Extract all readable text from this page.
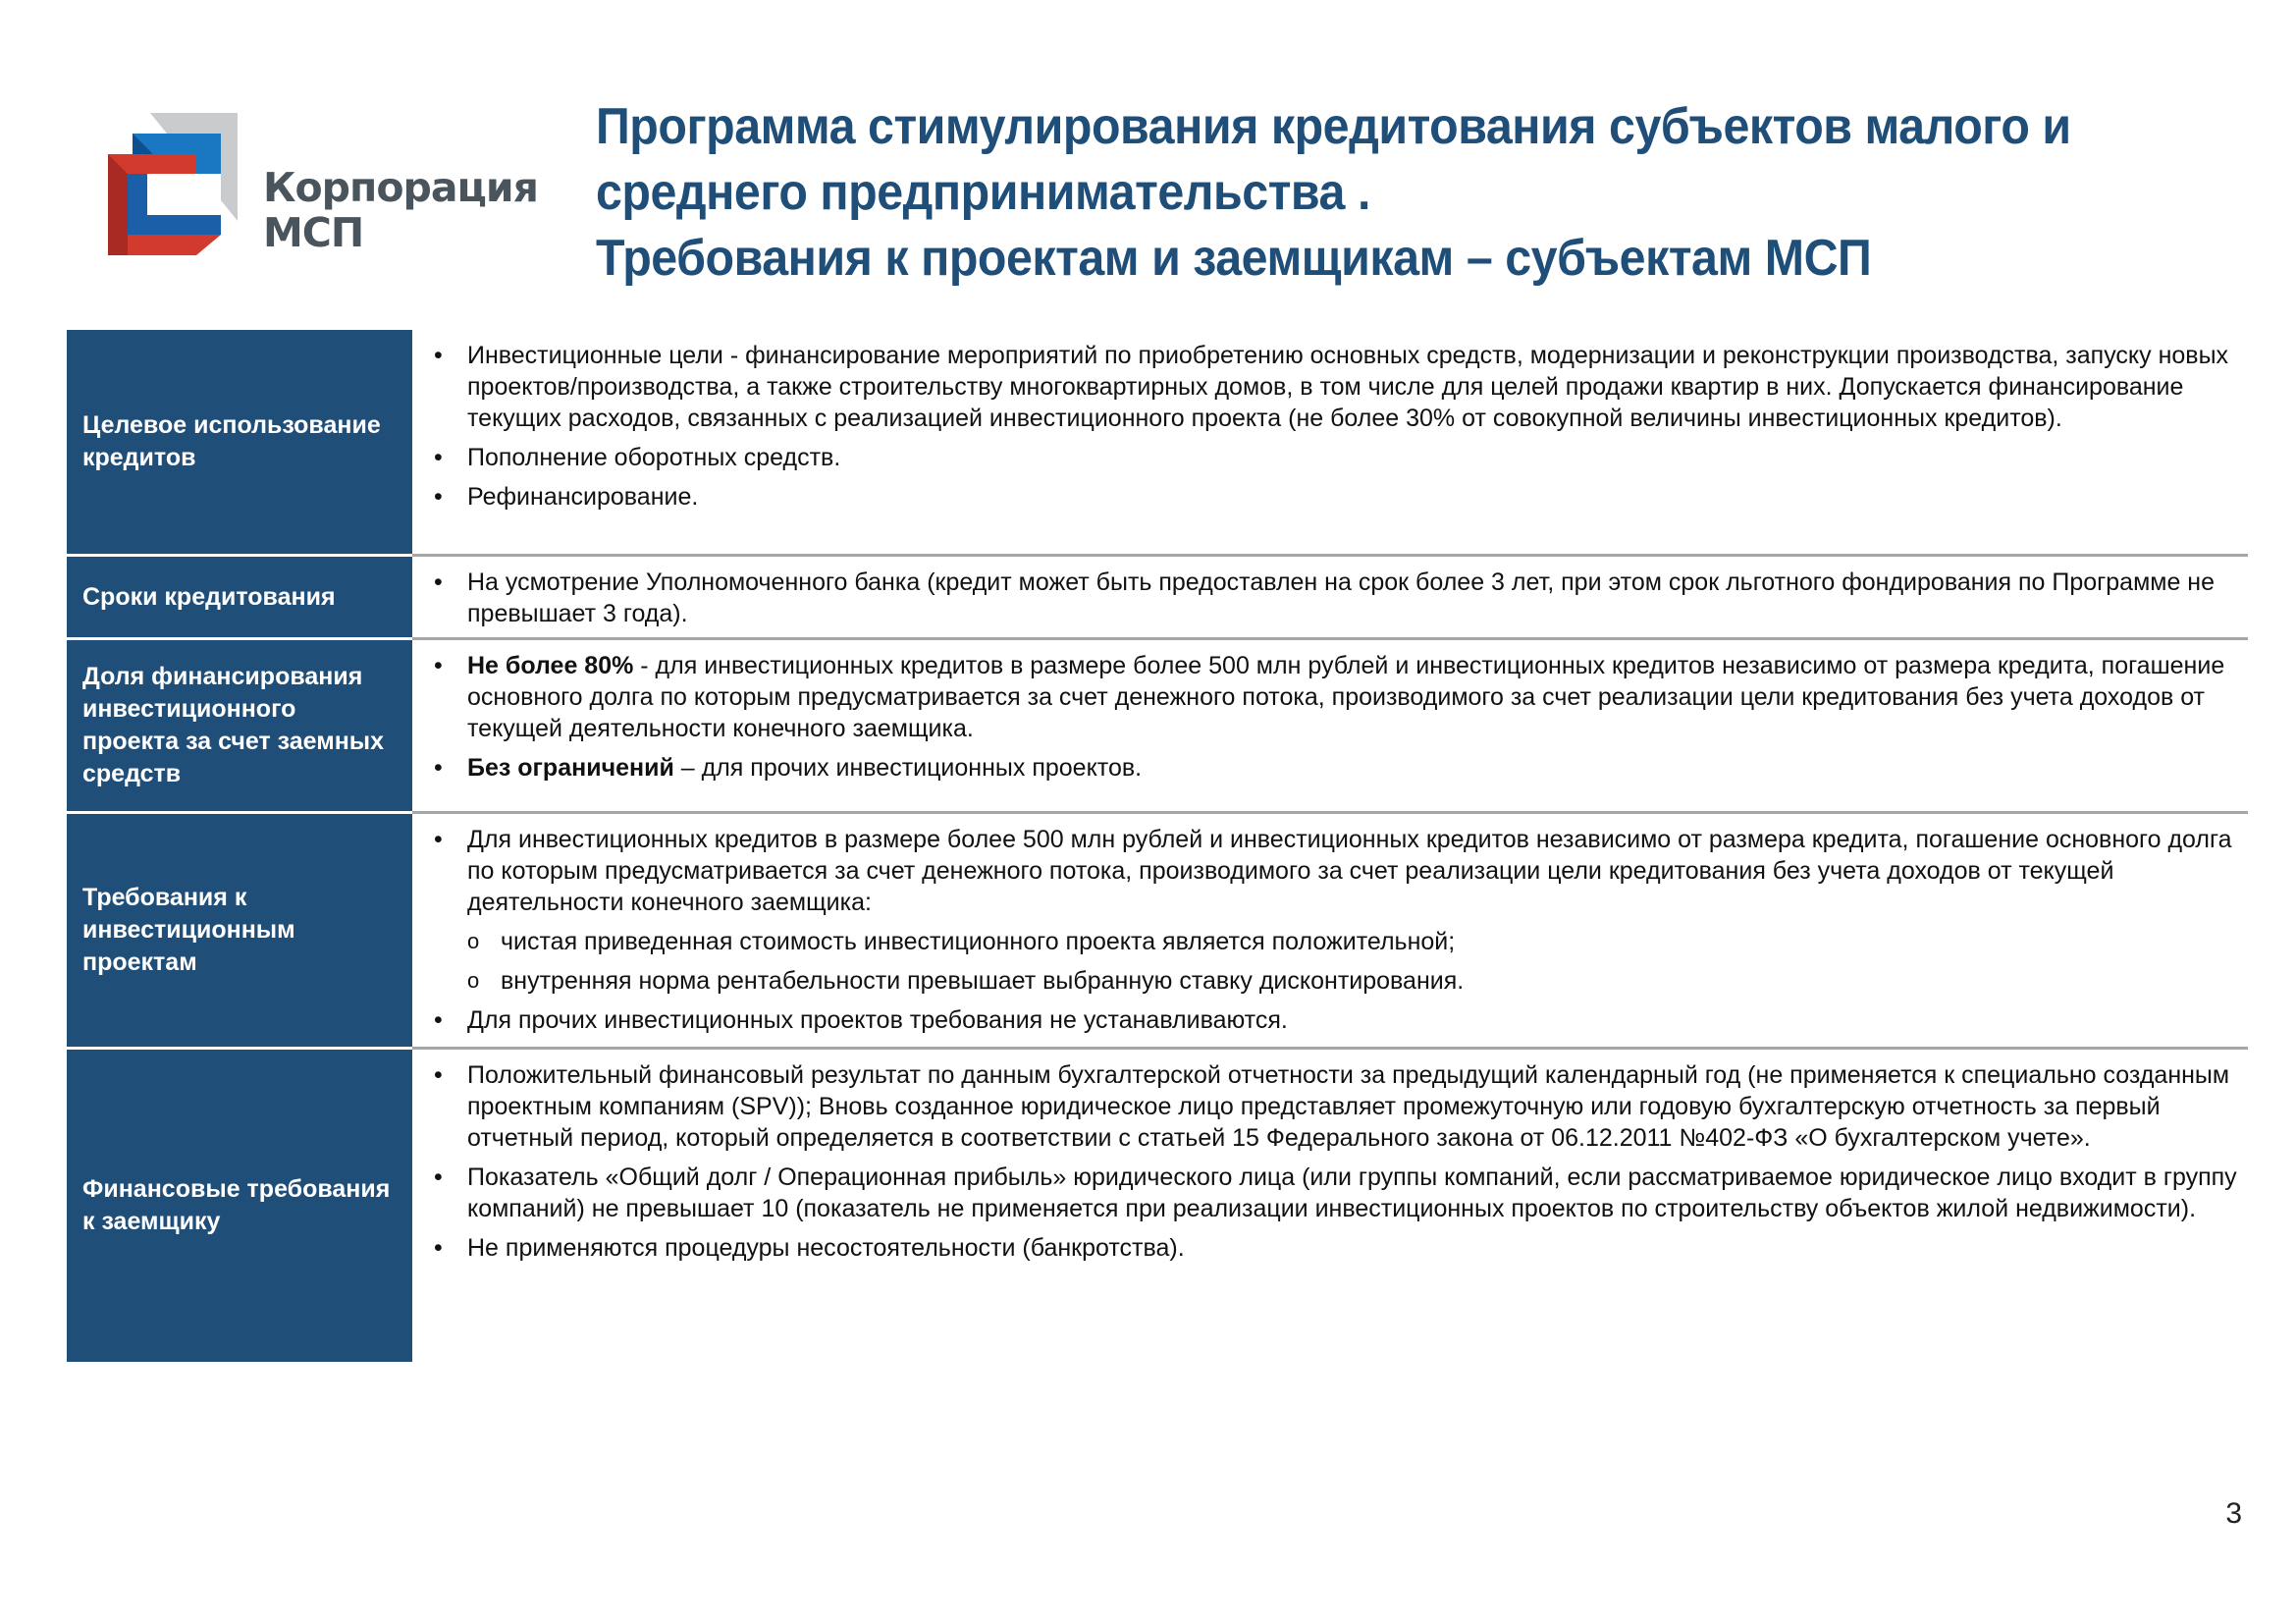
Корпорация
МСП
Программа стимулирования кредитования субъектов малого и
среднего предпринимательства .
Требования к проектам и заемщикам – субъектам МСП
Целевое использование кредитов
• Инвестиционные цели - финансирование мероприятий по приобретению основных средств, модернизации и реконструкции производства, запуску новых проектов/производства, а также строительству многоквартирных домов, в том числе для целей продажи квартир в них. Допускается финансирование текущих расходов, связанных с реализацией инвестиционного проекта (не более 30% от совокупной величины инвестиционных кредитов).
• Пополнение оборотных средств.
• Рефинансирование.
Сроки кредитования
• На усмотрение Уполномоченного банка (кредит может быть предоставлен на срок более 3 лет, при этом срок льготного фондирования по Программе не превышает 3 года).
Доля финансирования инвестиционного проекта за счет заемных средств
• Не более 80% - для инвестиционных кредитов в размере более 500 млн рублей и инвестиционных кредитов независимо от размера кредита, погашение основного долга по которым предусматривается за счет денежного потока, производимого за счет реализации цели кредитования без учета доходов от текущей деятельности конечного заемщика.
• Без ограничений – для прочих инвестиционных проектов.
Требования к инвестиционным проектам
• Для инвестиционных кредитов в размере более 500 млн рублей и инвестиционных кредитов независимо от размера кредита, погашение основного долга по которым предусматривается за счет денежного потока, производимого за счет реализации цели кредитования без учета доходов от текущей деятельности конечного заемщика:
o чистая приведенная стоимость инвестиционного проекта является положительной;
o внутренняя норма рентабельности превышает выбранную ставку дисконтирования.
• Для прочих инвестиционных проектов требования не устанавливаются.
Финансовые требования к заемщику
• Положительный финансовый результат по данным бухгалтерской отчетности за предыдущий календарный год (не применяется к специально созданным проектным компаниям (SPV)); Вновь созданное юридическое лицо представляет промежуточную или годовую бухгалтерскую отчетность за первый отчетный период, который определяется в соответствии с статьей 15 Федерального закона от 06.12.2011 №402-ФЗ «О бухгалтерском учете».
• Показатель «Общий долг / Операционная прибыль» юридического лица (или группы компаний, если рассматриваемое юридическое лицо входит в группу компаний) не превышает 10 (показатель не применяется при реализации инвестиционных проектов по строительству объектов жилой недвижимости).
• Не применяются процедуры несостоятельности (банкротства).
3
